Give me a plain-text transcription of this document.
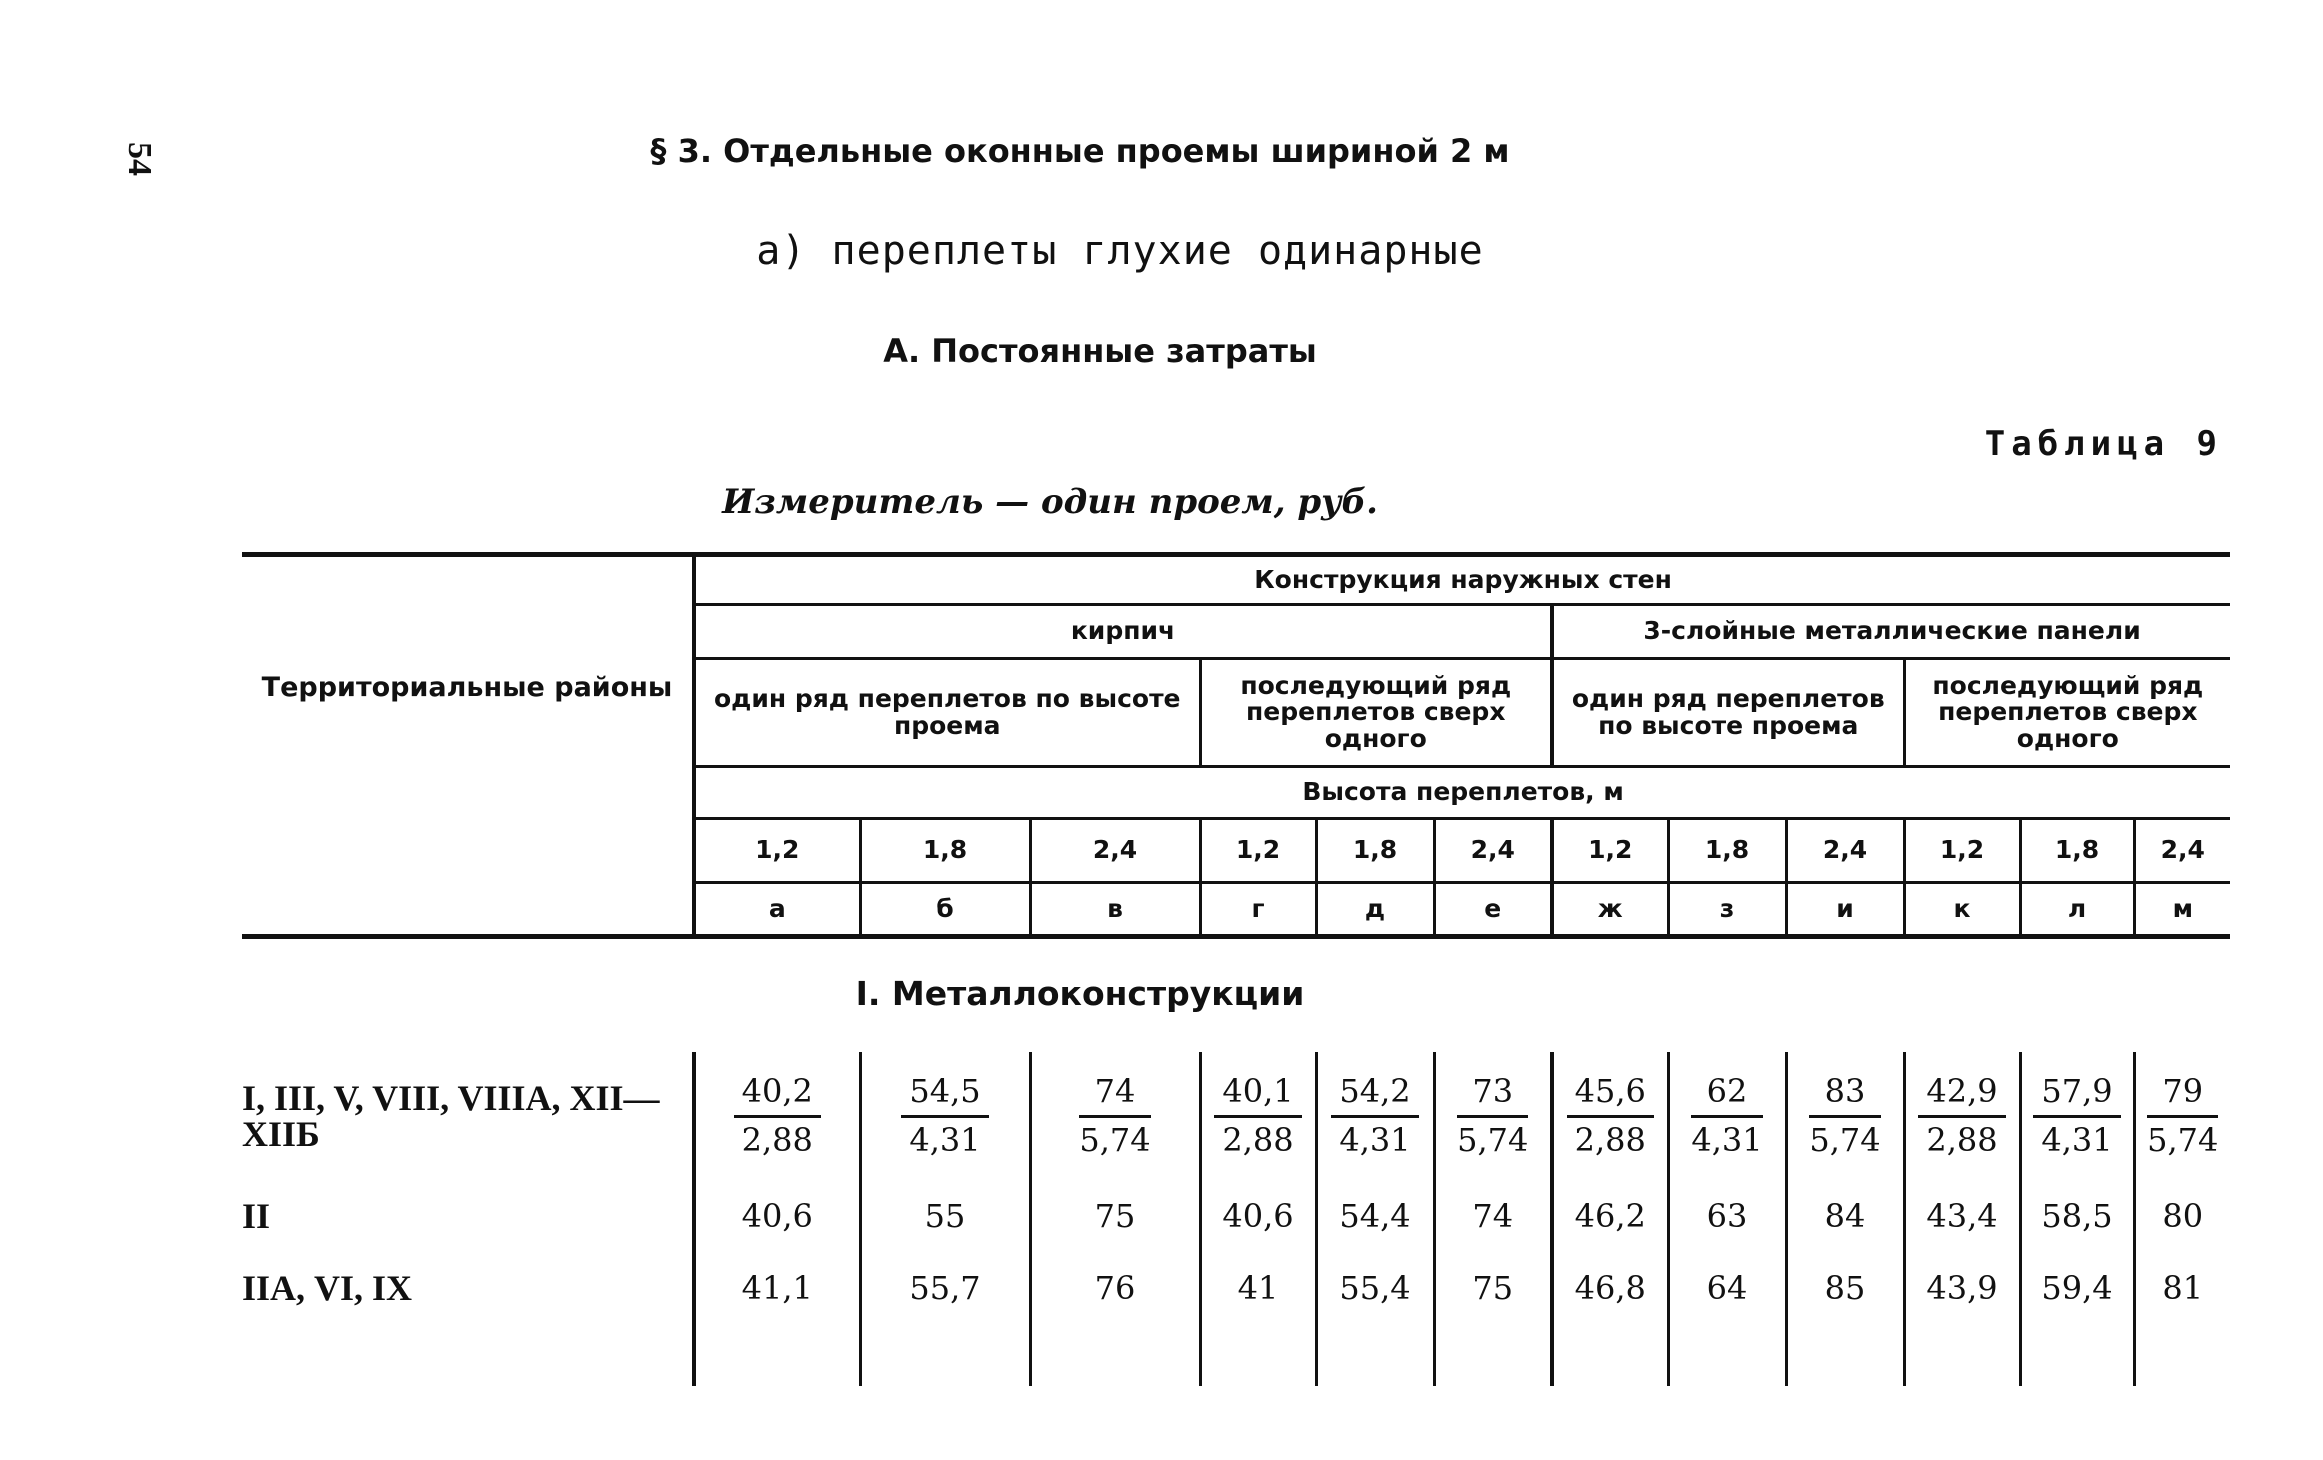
54	§ 3. Отдельные оконные проемы шириной 2 м
а) переплеты глухие одинарные
А. Постоянные затраты
Таблица 9
Измеритель — один проем, руб.
Территориальные районы	Конструкция наружных стен											
	кирпич						3-слойные металлические панели					
	один ряд переплетов по высоте проема			последующий ряд переплетов сверх одного			один ряд переплетов по высоте проема			последующий ряд переплетов сверх одного		
	Высота переплетов, м											
	1,2	1,8	2,4	1,2	1,8	2,4	1,2	1,8	2,4	1,2	1,8	2,4
	а	б	в	г	д	е	ж	з	и	к	л	м
I. Металлоконструкции
I, III, V, VIII, VIIIА, XII—XIIБ	$\frac{40,2}{2,88}$	$\frac{54,5}{4,31}$	$\frac{74}{5,74}$	$\frac{40,1}{2,88}$	$\frac{54,2}{4,31}$	$\frac{73}{5,74}$	$\frac{45,6}{2,88}$	$\frac{62}{4,31}$	$\frac{83}{5,74}$	$\frac{42,9}{2,88}$	$\frac{57,9}{4,31}$	$\frac{79}{5,74}$

II	40,6	55	75	40,6	54,4	74	46,2	63	84	43,4	58,5	80
IIА, VI, IX	41,1	55,7	76	41	55,4	75	46,8	64	85	43,9	59,4	81
